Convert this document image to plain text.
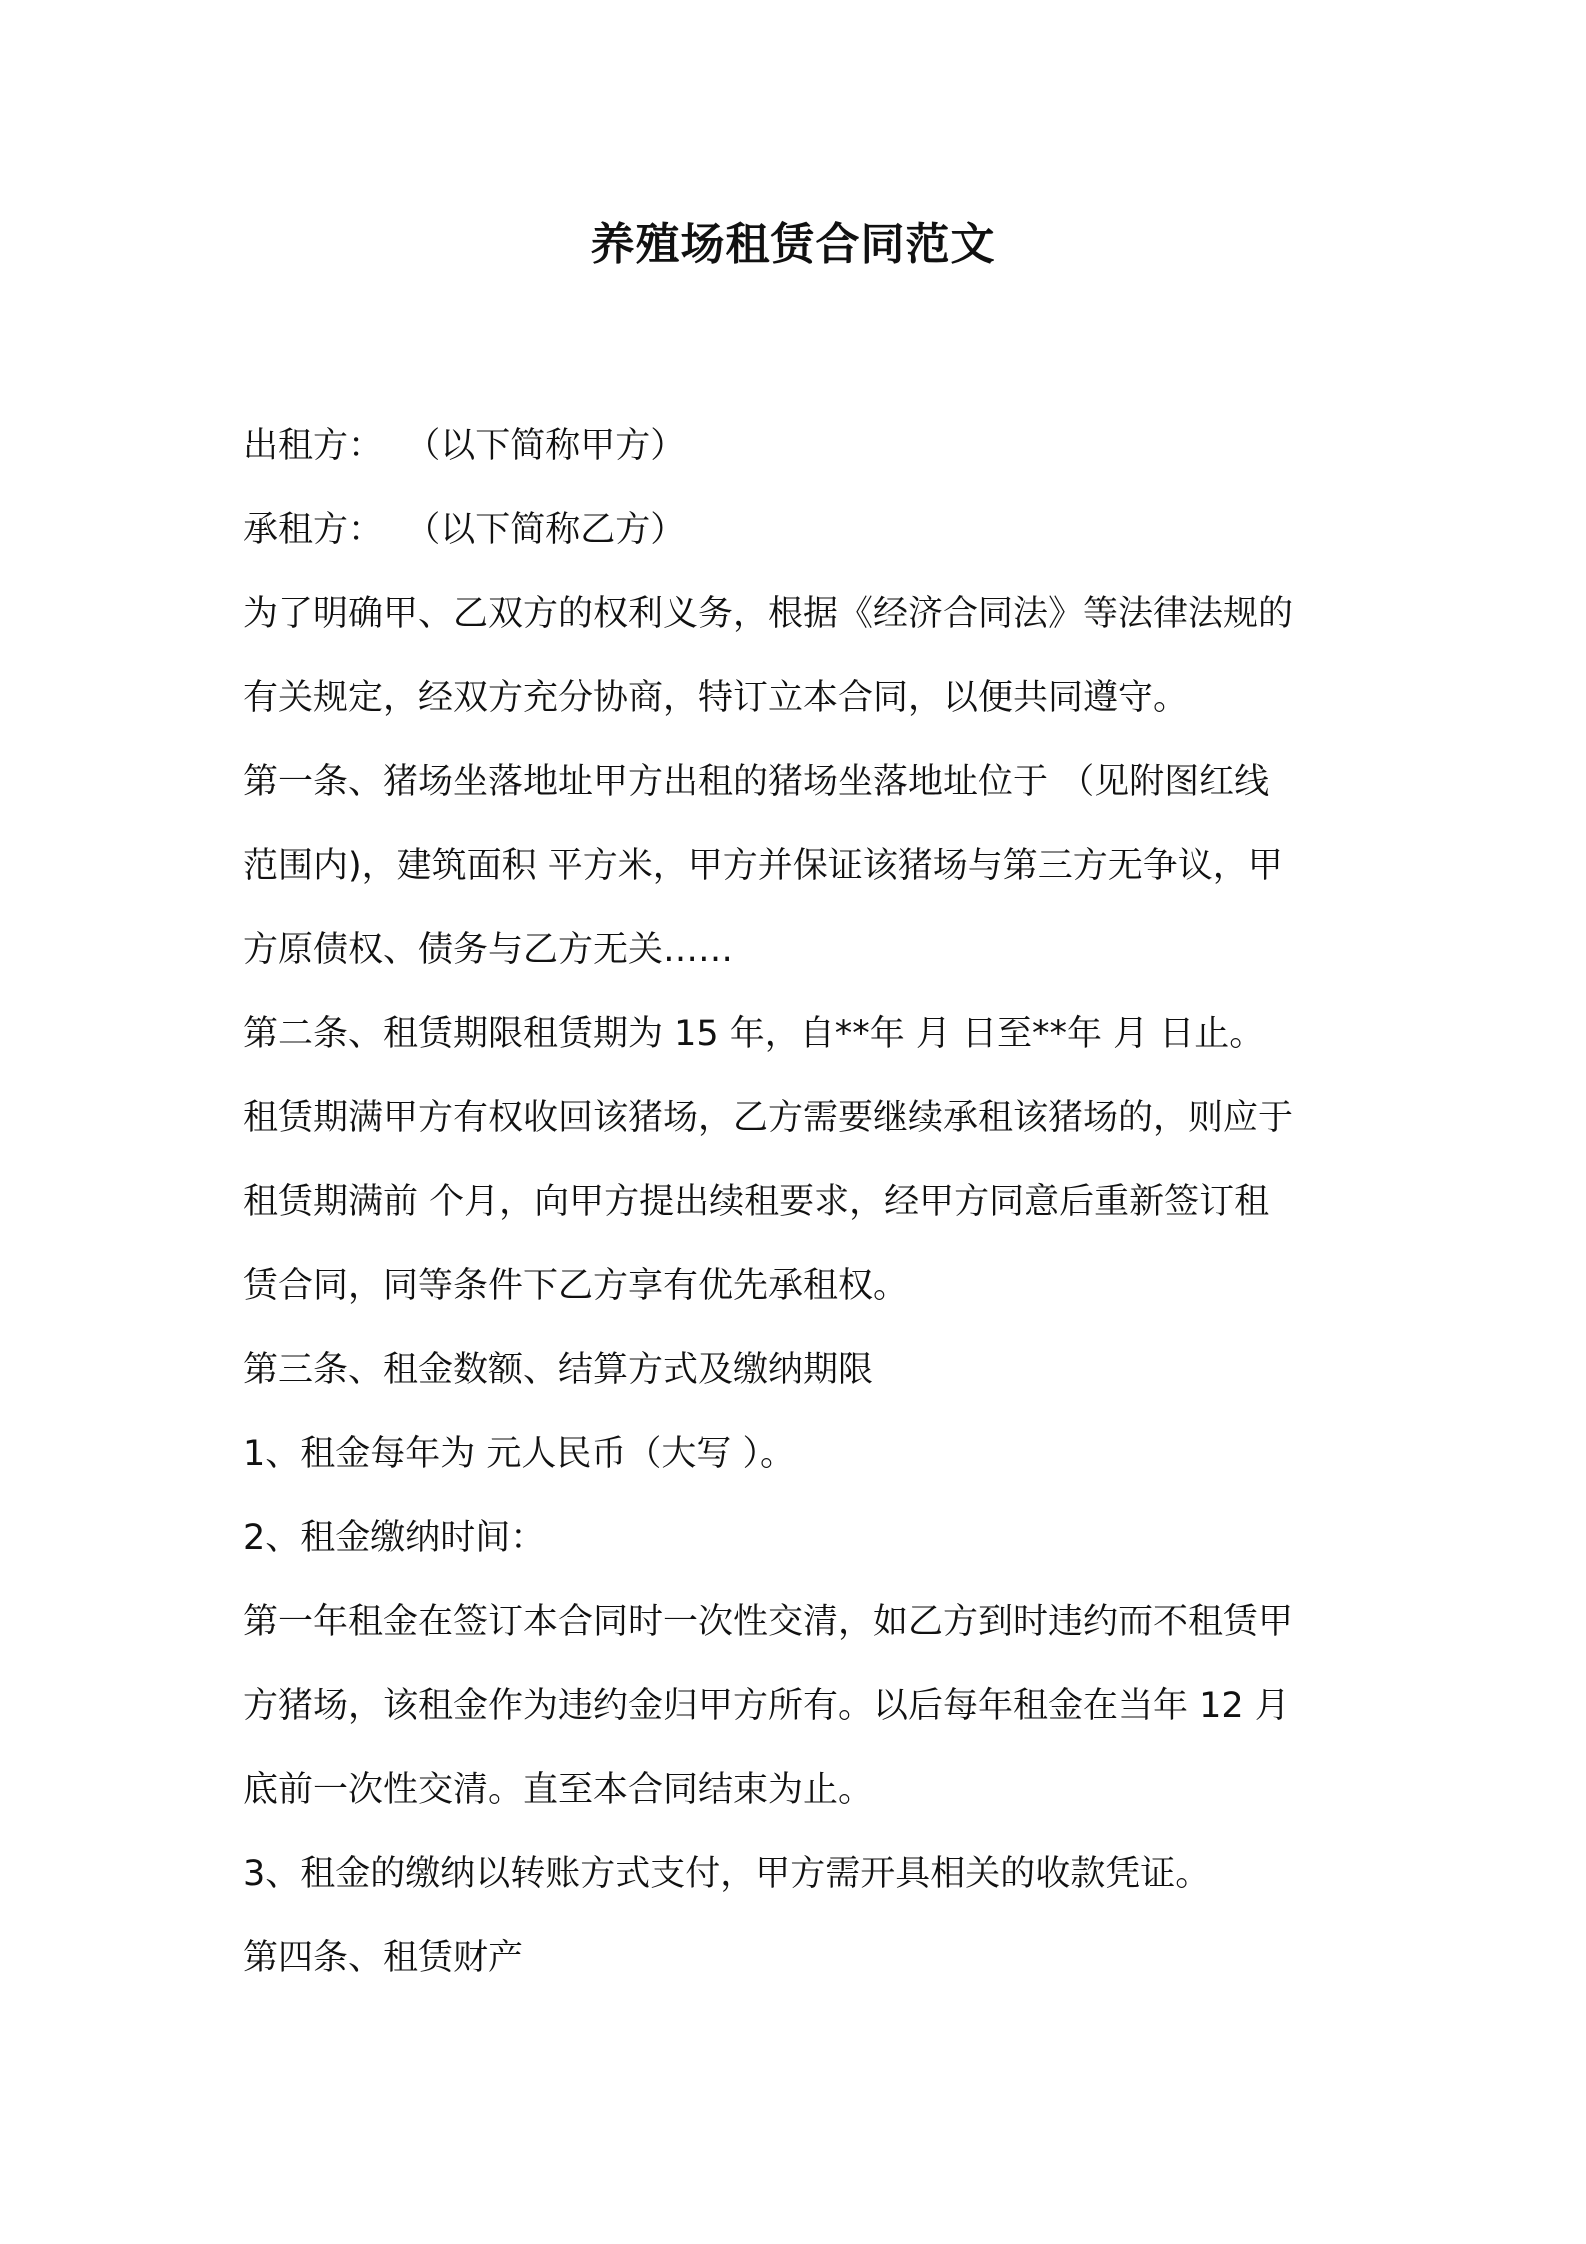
养殖场租赁合同范文

出租方：  （以下简称甲方）

承租方：  （以下简称乙方）

为了明确甲、乙双方的权利义务，根据《经济合同法》等法律法规的

有关规定，经双方充分协商，特订立本合同，以便共同遵守。

第一条、猪场坐落地址甲方出租的猪场坐落地址位于 （见附图红线

范围内)，建筑面积 平方米，甲方并保证该猪场与第三方无争议，甲

方原债权、债务与乙方无关……

第二条、租赁期限租赁期为 15 年，自**年 月 日至**年 月 日止。

租赁期满甲方有权收回该猪场，乙方需要继续承租该猪场的，则应于

租赁期满前 个月，向甲方提出续租要求，经甲方同意后重新签订租

赁合同，同等条件下乙方享有优先承租权。

第三条、租金数额、结算方式及缴纳期限

1、租金每年为 元人民币（大写 ）。

2、租金缴纳时间：

第一年租金在签订本合同时一次性交清，如乙方到时违约而不租赁甲

方猪场，该租金作为违约金归甲方所有。以后每年租金在当年 12 月

底前一次性交清。直至本合同结束为止。

3、租金的缴纳以转账方式支付，甲方需开具相关的收款凭证。

第四条、租赁财产
